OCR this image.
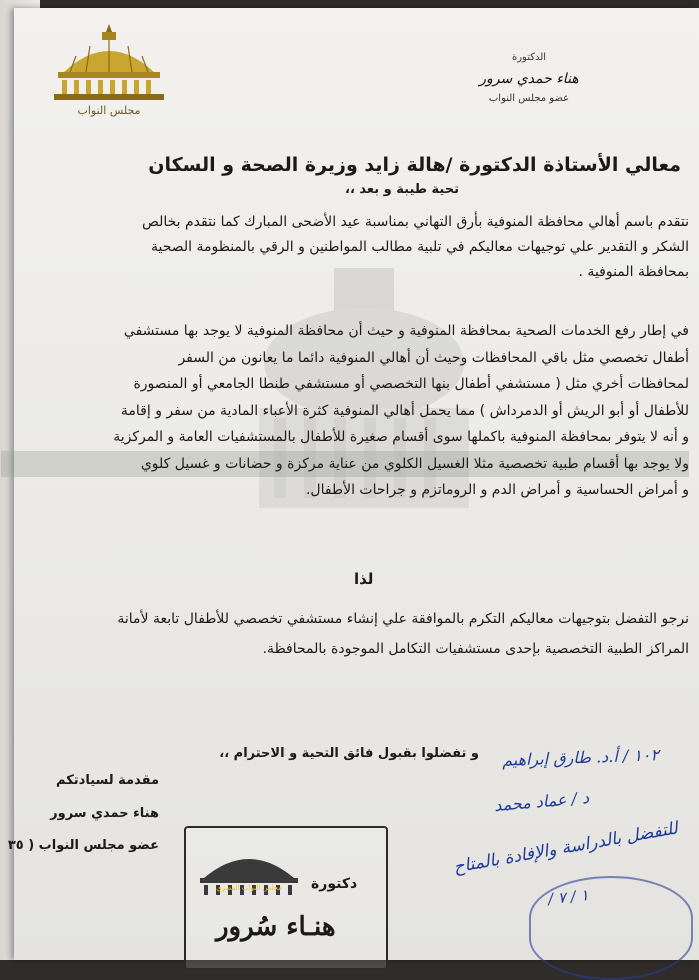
مجلس النواب
الدكتورة
هناء حمدي سرور
عضو مجلس النواب
معالي الأستاذة الدكتورة /هالة زايد وزيرة الصحة و السكان
تحية طيبة و بعد ،،
نتقدم باسم أهالي محافظة المنوفية بأرق التهاني بمناسبة عيد الأضحى المبارك كما نتقدم بخالص
الشكر و التقدير علي توجيهات معاليكم في تلبية مطالب المواطنين و الرقي بالمنظومة الصحية
بمحافظة المنوفية .
في إطار رفع الخدمات الصحية بمحافظة المنوفية و حيث أن محافظة المنوفية لا يوجد بها مستشفي
أطفال تخصصي مثل باقي المحافظات وحيث أن أهالي المنوفية دائما ما يعانون من السفر
لمحافظات أخري مثل ( مستشفي أطفال بنها التخصصي أو مستشفي طنطا الجامعي أو المنصورة
للأطفال أو أبو الريش أو الدمرداش ) مما يحمل أهالي المنوفية كثرة الأعباء المادية من سفر و إقامة
و أنه لا يتوفر بمحافظة المنوفية باكملها سوى أقسام صغيرة للأطفال بالمستشفيات العامة و المركزية
ولا يوجد بها أقسام طبية تخصصية مثلا الغسيل الكلوي من عناية مركزة و حضانات و غسيل كلوي
و أمراض الحساسية و أمراض الدم و الروماتزم و جراحات الأطفال.
لذا
نرجو التفضل بتوجيهات معاليكم التكرم بالموافقة علي إنشاء مستشفي تخصصي للأطفال تابعة لأمانة
المراكز الطبية التخصصية بإحدى مستشفيات التكامل الموجودة بالمحافظة.
و تفضلوا بقبول فائق التحية و الاحترام ،،
مقدمة لسيادتكم
هناء حمدي سرور
عضو مجلس النواب ( ٣٥
١٠٢ / أ.د. طارق إبراهيم
د / عماد محمد
للتفضل بالدراسة والإفادة بالمتاح
١ / ٧ /
مجلس النواب المصري دكتورة
هنـاء سُرور
